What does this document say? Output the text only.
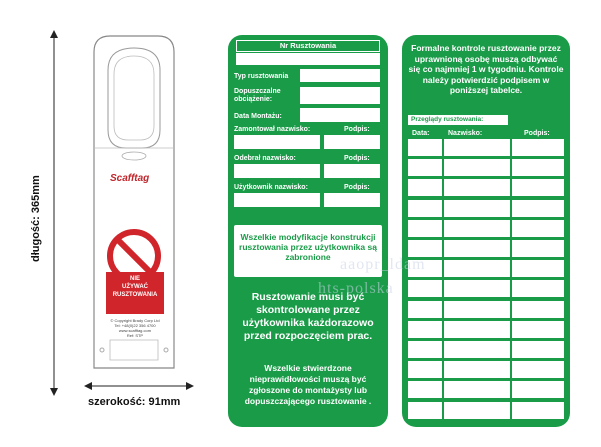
długość: 365mm
szerokość: 91mm
Scafftag
NIE
UŻYWAĆ
RUSZTOWANIA
© Copyright Brady Corp Ltd
Tel: +48(0)22 356 4700
www.scafftag.com
Ref: STP
Nr Rusztowania
Typ rusztowania
Dopuszczalne
obciążenie:
Data Montażu:
Zamontował nazwisko:	Podpis:
Odebrał nazwisko:	Podpis:
Użytkownik nazwisko:	Podpis:
Wszelkie modyfikacje konstrukcji rusztowania przez użytkownika są zabronione
Rusztowanie musi być skontrolowane przez użytkownika każdorazowo przed rozpoczęciem prac.
Wszelkie stwierdzone nieprawidłowości muszą być zgłoszone do montażysty lub dopuszczającego rusztowanie .
Formalne kontrole rusztowanie przez uprawnioną osobę muszą odbywać się co najmniej 1 w tygodniu. Kontrole należy potwierdzić podpisem w poniższej tabelce.
Przeglądy rusztowania:
Data:	Nazwisko:	Podpis:
aaopr_ldam
hts-polska
